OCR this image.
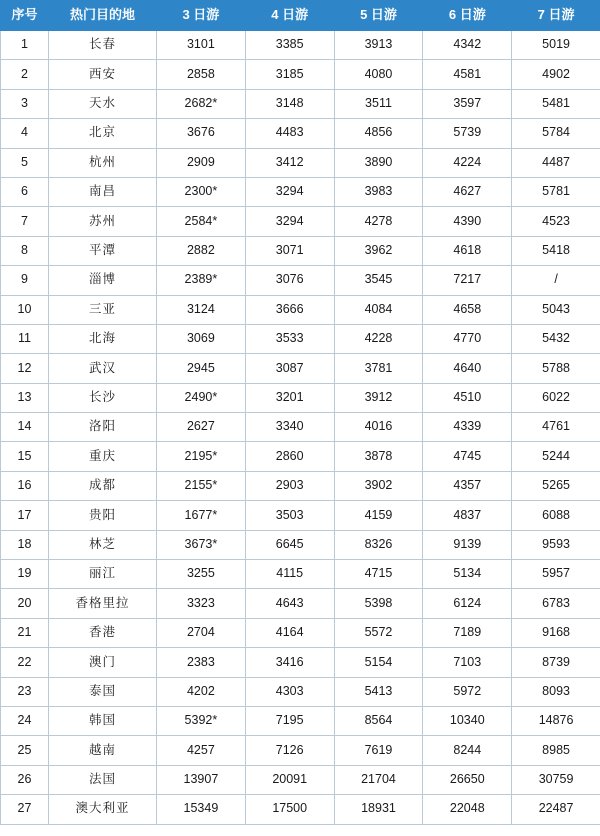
序号	热门目的地	3 日游	4 日游	5 日游	6 日游	7 日游
1	长春	3101	3385	3913	4342	5019
2	西安	2858	3185	4080	4581	4902
3	天水	2682*	3148	3511	3597	5481
4	北京	3676	4483	4856	5739	5784
5	杭州	2909	3412	3890	4224	4487
6	南昌	2300*	3294	3983	4627	5781
7	苏州	2584*	3294	4278	4390	4523
8	平潭	2882	3071	3962	4618	5418
9	淄博	2389*	3076	3545	7217	/
10	三亚	3124	3666	4084	4658	5043
11	北海	3069	3533	4228	4770	5432
12	武汉	2945	3087	3781	4640	5788
13	长沙	2490*	3201	3912	4510	6022
14	洛阳	2627	3340	4016	4339	4761
15	重庆	2195*	2860	3878	4745	5244
16	成都	2155*	2903	3902	4357	5265
17	贵阳	1677*	3503	4159	4837	6088
18	林芝	3673*	6645	8326	9139	9593
19	丽江	3255	4115	4715	5134	5957
20	香格里拉	3323	4643	5398	6124	6783
21	香港	2704	4164	5572	7189	9168
22	澳门	2383	3416	5154	7103	8739
23	泰国	4202	4303	5413	5972	8093
24	韩国	5392*	7195	8564	10340	14876
25	越南	4257	7126	7619	8244	8985
26	法国	13907	20091	21704	26650	30759
27	澳大利亚	15349	17500	18931	22048	22487
